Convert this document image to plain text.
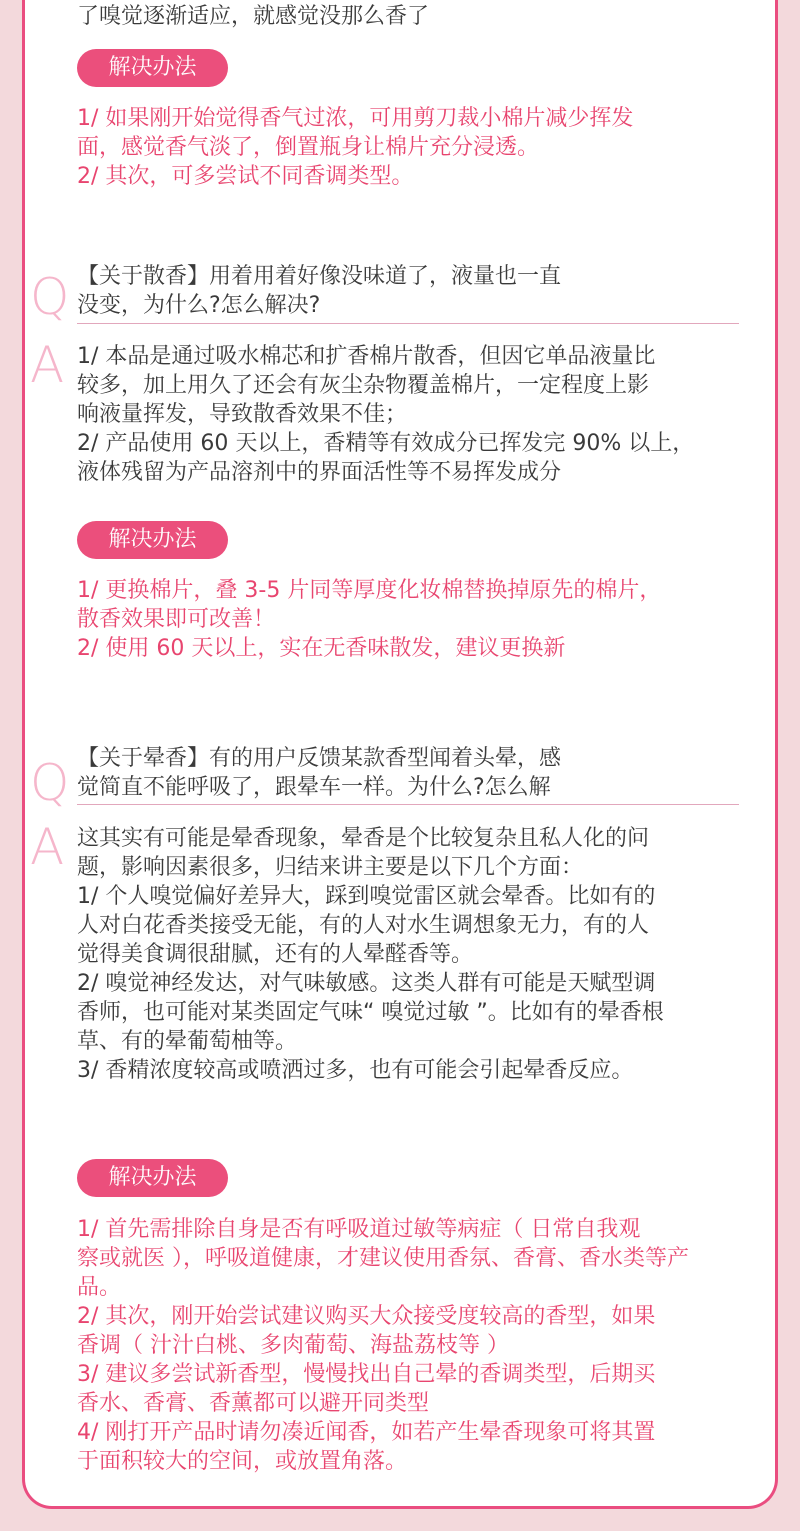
了嗅觉逐渐适应，就感觉没那么香了

解决办法

1/ 如果刚开始觉得香气过浓，可用剪刀裁小棉片减少挥发
面，感觉香气淡了，倒置瓶身让棉片充分浸透。
2/ 其次，可多尝试不同香调类型。

Q 【关于散香】用着用着好像没味道了，液量也一直
没变，为什么?怎么解决?

A 1/ 本品是通过吸水棉芯和扩香棉片散香，但因它单品液量比
较多，加上用久了还会有灰尘杂物覆盖棉片，一定程度上影
响液量挥发，导致散香效果不佳；
2/ 产品使用 60 天以上，香精等有效成分已挥发完 90% 以上，
液体残留为产品溶剂中的界面活性等不易挥发成分

解决办法

1/ 更换棉片，叠 3-5 片同等厚度化妆棉替换掉原先的棉片，
散香效果即可改善！
2/ 使用 60 天以上，实在无香味散发，建议更换新

Q 【关于晕香】有的用户反馈某款香型闻着头晕，感
觉简直不能呼吸了，跟晕车一样。为什么?怎么解

A 这其实有可能是晕香现象，晕香是个比较复杂且私人化的问
题，影响因素很多，归结来讲主要是以下几个方面：
1/ 个人嗅觉偏好差异大，踩到嗅觉雷区就会晕香。比如有的
人对白花香类接受无能，有的人对水生调想象无力，有的人
觉得美食调很甜腻，还有的人晕醛香等。
2/ 嗅觉神经发达，对气味敏感。这类人群有可能是天赋型调
香师，也可能对某类固定气味“ 嗅觉过敏 ”。比如有的晕香根
草、有的晕葡萄柚等。
3/ 香精浓度较高或喷洒过多，也有可能会引起晕香反应。

解决办法

1/ 首先需排除自身是否有呼吸道过敏等病症（ 日常自我观
察或就医 ），呼吸道健康，才建议使用香氛、香膏、香水类等产
品。
2/ 其次，刚开始尝试建议购买大众接受度较高的香型，如果
香调（ 汁汁白桃、多肉葡萄、海盐荔枝等 ）
3/ 建议多尝试新香型，慢慢找出自己晕的香调类型，后期买
香水、香膏、香薰都可以避开同类型
4/ 刚打开产品时请勿凑近闻香，如若产生晕香现象可将其置
于面积较大的空间，或放置角落。
